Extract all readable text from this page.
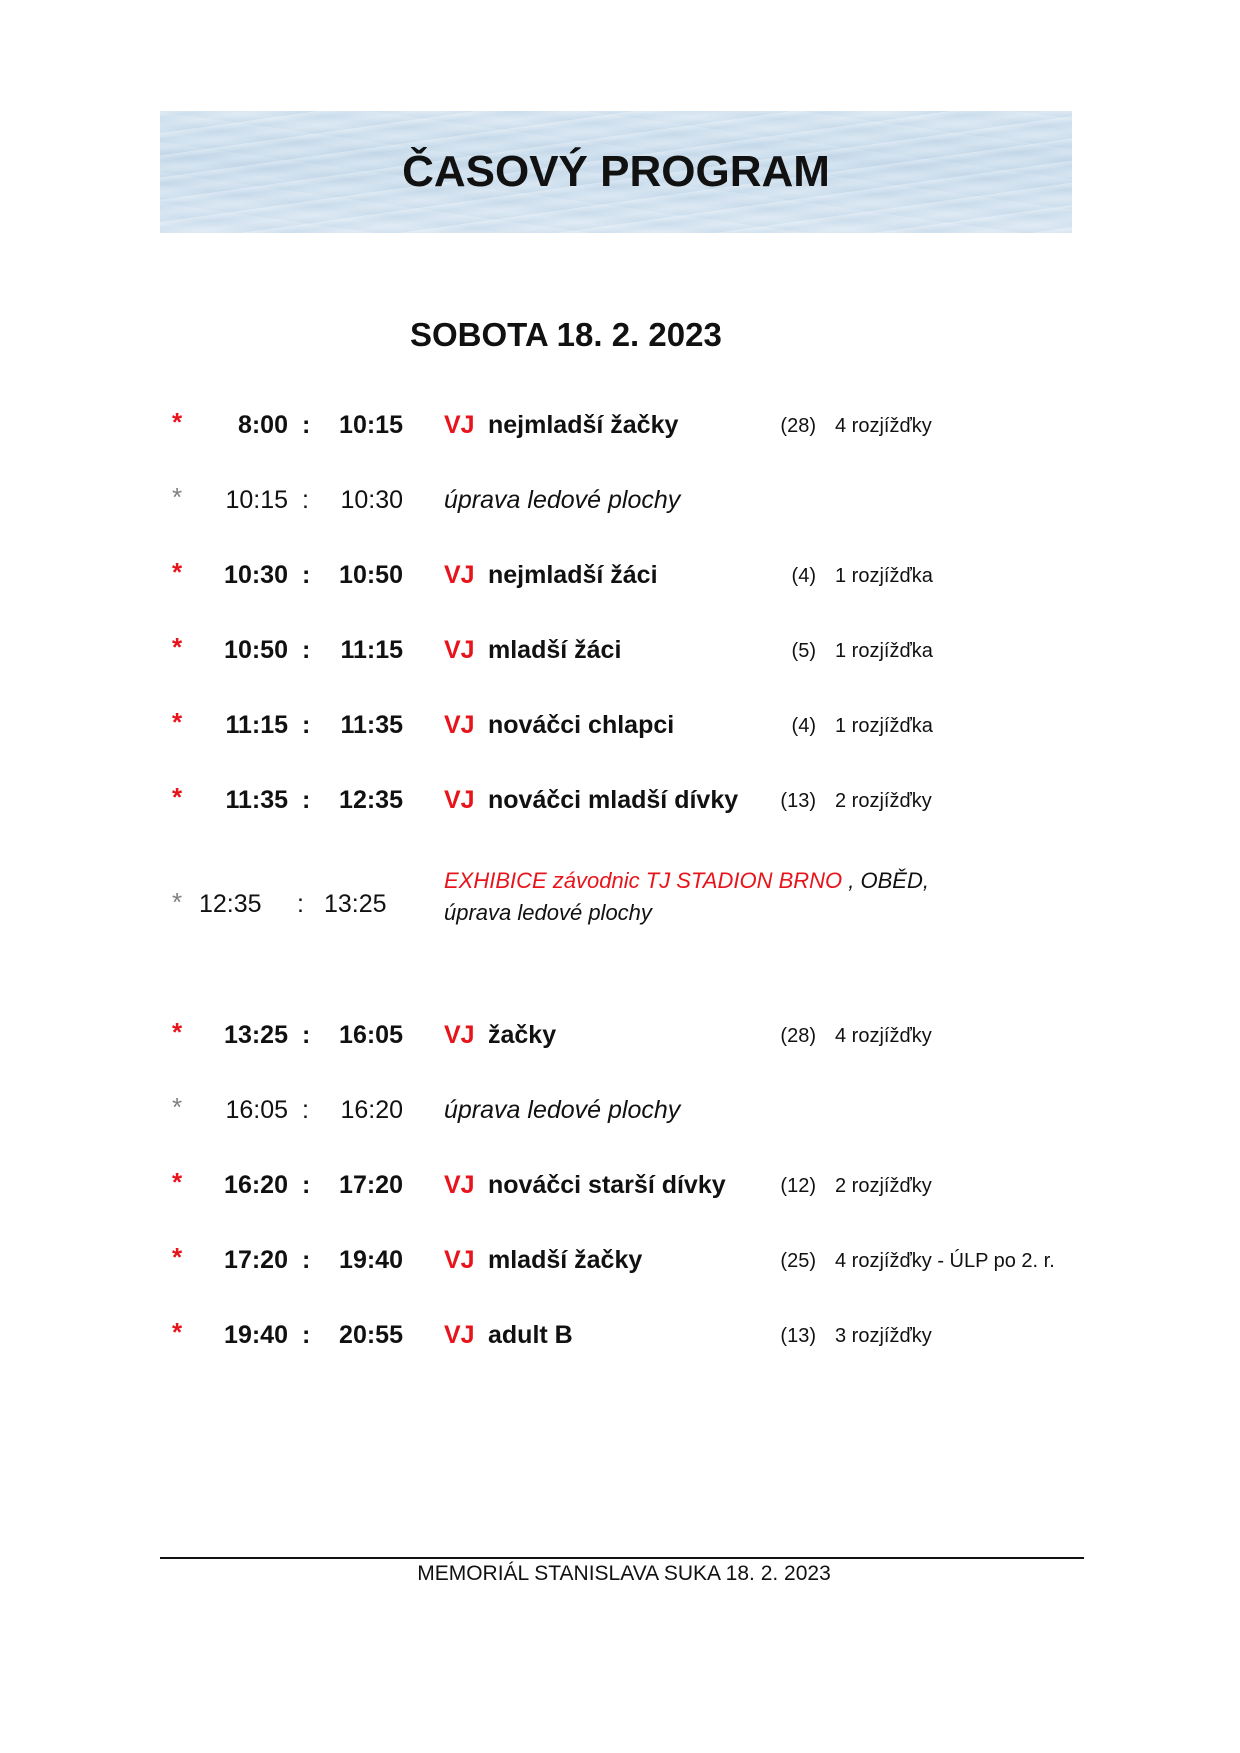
ČASOVÝ PROGRAM
SOBOTA 18. 2. 2023
* 8:00 : 10:15 VJ nejmladší žačky	(28) 4 rozjížďky
* 10:15 : 10:30 úprava ledové plochy
* 10:30 : 10:50 VJ nejmladší žáci	(4) 1 rozjížďka
* 10:50 : 11:15 VJ mladší žáci	(5) 1 rozjížďka
* 11:15 : 11:35 VJ nováčci chlapci	(4) 1 rozjížďka
* 11:35 : 12:35 VJ nováčci mladší dívky (13) 2 rozjížďky
* 12:35 : 13:25
EXHIBICE závodnic TJ STADION BRNO , OBĚD,
úprava ledové plochy
* 13:25 : 16:05 VJ žačky	(28) 4 rozjížďky
* 16:05 : 16:20 úprava ledové plochy
* 16:20 : 17:20 VJ nováčci starší dívky	(12) 2 rozjížďky
* 17:20 : 19:40 VJ mladší žačky	(25) 4 rozjížďky - ÚLP po 2. r.
* 19:40 : 20:55 VJ adult B	(13) 3 rozjížďky
MEMORIÁL STANISLAVA SUKA 18. 2. 2023
